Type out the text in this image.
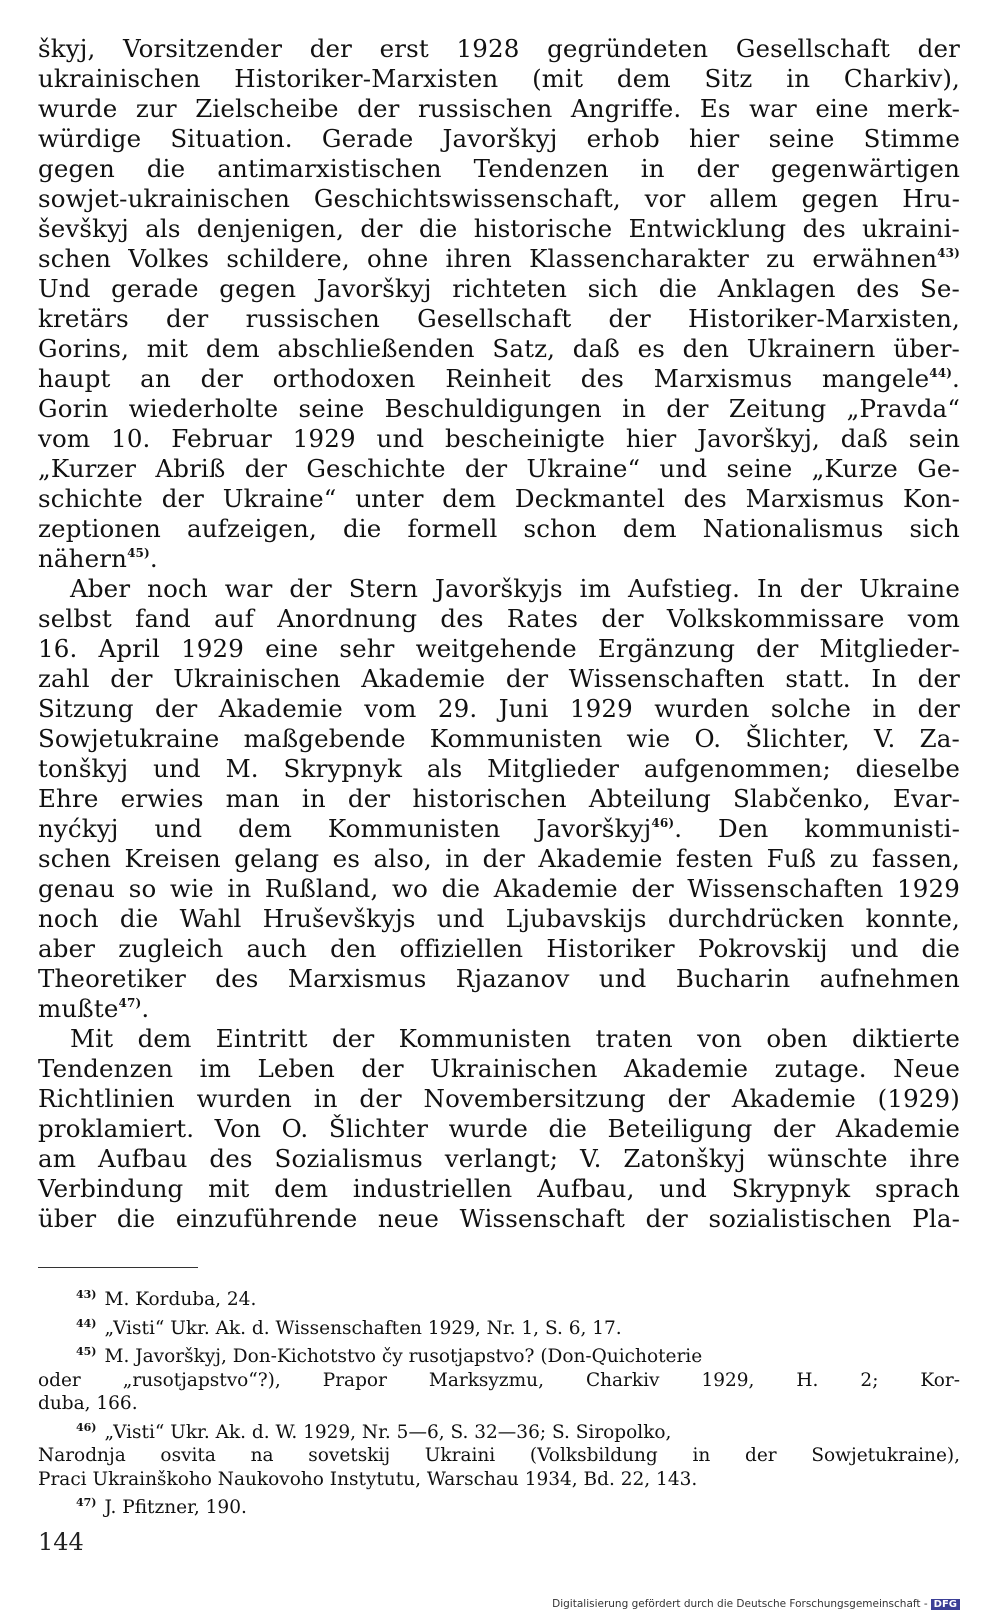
škyj, Vorsitzender der erst 1928 gegründeten Gesellschaft der
ukrainischen Historiker-Marxisten (mit dem Sitz in Charkiv),
wurde zur Zielscheibe der russischen Angriffe. Es war eine merk-
würdige Situation. Gerade Javorškyj erhob hier seine Stimme
gegen die antimarxistischen Tendenzen in der gegenwärtigen
sowjet-ukrainischen Geschichtswissenschaft, vor allem gegen Hru-
ševškyj als denjenigen, der die historische Entwicklung des ukraini-
schen Volkes schildere, ohne ihren Klassencharakter zu erwähnen$^{43)}$
Und gerade gegen Javorškyj richteten sich die Anklagen des Se-
kretärs der russischen Gesellschaft der Historiker-Marxisten,
Gorins, mit dem abschließenden Satz, daß es den Ukrainern über-
haupt an der orthodoxen Reinheit des Marxismus mangele$^{44)}$.
Gorin wiederholte seine Beschuldigungen in der Zeitung „Pravda“
vom 10. Februar 1929 und bescheinigte hier Javorškyj, daß sein
„Kurzer Abriß der Geschichte der Ukraine“ und seine „Kurze Ge-
schichte der Ukraine“ unter dem Deckmantel des Marxismus Kon-
zeptionen aufzeigen, die formell schon dem Nationalismus sich
nähern$^{45)}$.
Aber noch war der Stern Javorškyjs im Aufstieg. In der Ukraine
selbst fand auf Anordnung des Rates der Volkskommissare vom
16. April 1929 eine sehr weitgehende Ergänzung der Mitglieder-
zahl der Ukrainischen Akademie der Wissenschaften statt. In der
Sitzung der Akademie vom 29. Juni 1929 wurden solche in der
Sowjetukraine maßgebende Kommunisten wie O. Šlichter, V. Za-
tonškyj und M. Skrypnyk als Mitglieder aufgenommen; dieselbe
Ehre erwies man in der historischen Abteilung Slabčenko, Evar-
nyćkyj und dem Kommunisten Javorškyj$^{46)}$. Den kommunisti-
schen Kreisen gelang es also, in der Akademie festen Fuß zu fassen,
genau so wie in Rußland, wo die Akademie der Wissenschaften 1929
noch die Wahl Hruševškyjs und Ljubavskijs durchdrücken konnte,
aber zugleich auch den offiziellen Historiker Pokrovskij und die
Theoretiker des Marxismus Rjazanov und Bucharin aufnehmen
mußte$^{47)}$.
Mit dem Eintritt der Kommunisten traten von oben diktierte
Tendenzen im Leben der Ukrainischen Akademie zutage. Neue
Richtlinien wurden in der Novembersitzung der Akademie (1929)
proklamiert. Von O. Šlichter wurde die Beteiligung der Akademie
am Aufbau des Sozialismus verlangt; V. Zatonškyj wünschte ihre
Verbindung mit dem industriellen Aufbau, und Skrypnyk sprach
über die einzuführende neue Wissenschaft der sozialistischen Pla-
$^{43)}$ M. Korduba, 24.
$^{44)}$ „Visti“ Ukr. Ak. d. Wissenschaften 1929, Nr. 1, S. 6, 17.
$^{45)}$ M. Javorškyj, Don-Kichotstvo čy rusotjapstvo? (Don-Quichoterie
oder „rusotjapstvo“?), Prapor Marksyzmu, Charkiv 1929, H. 2; Kor-
duba, 166.
$^{46)}$ „Visti“ Ukr. Ak. d. W. 1929, Nr. 5—6, S. 32—36; S. Siropolko,
Narodnja osvita na sovetskij Ukraini (Volksbildung in der Sowjetukraine),
Praci Ukrainškoho Naukovoho Instytutu, Warschau 1934, Bd. 22, 143.
$^{47)}$ J. Pfitzner, 190.
144
Digitalisierung gefördert durch die Deutsche Forschungsgemeinschaft - DFG
